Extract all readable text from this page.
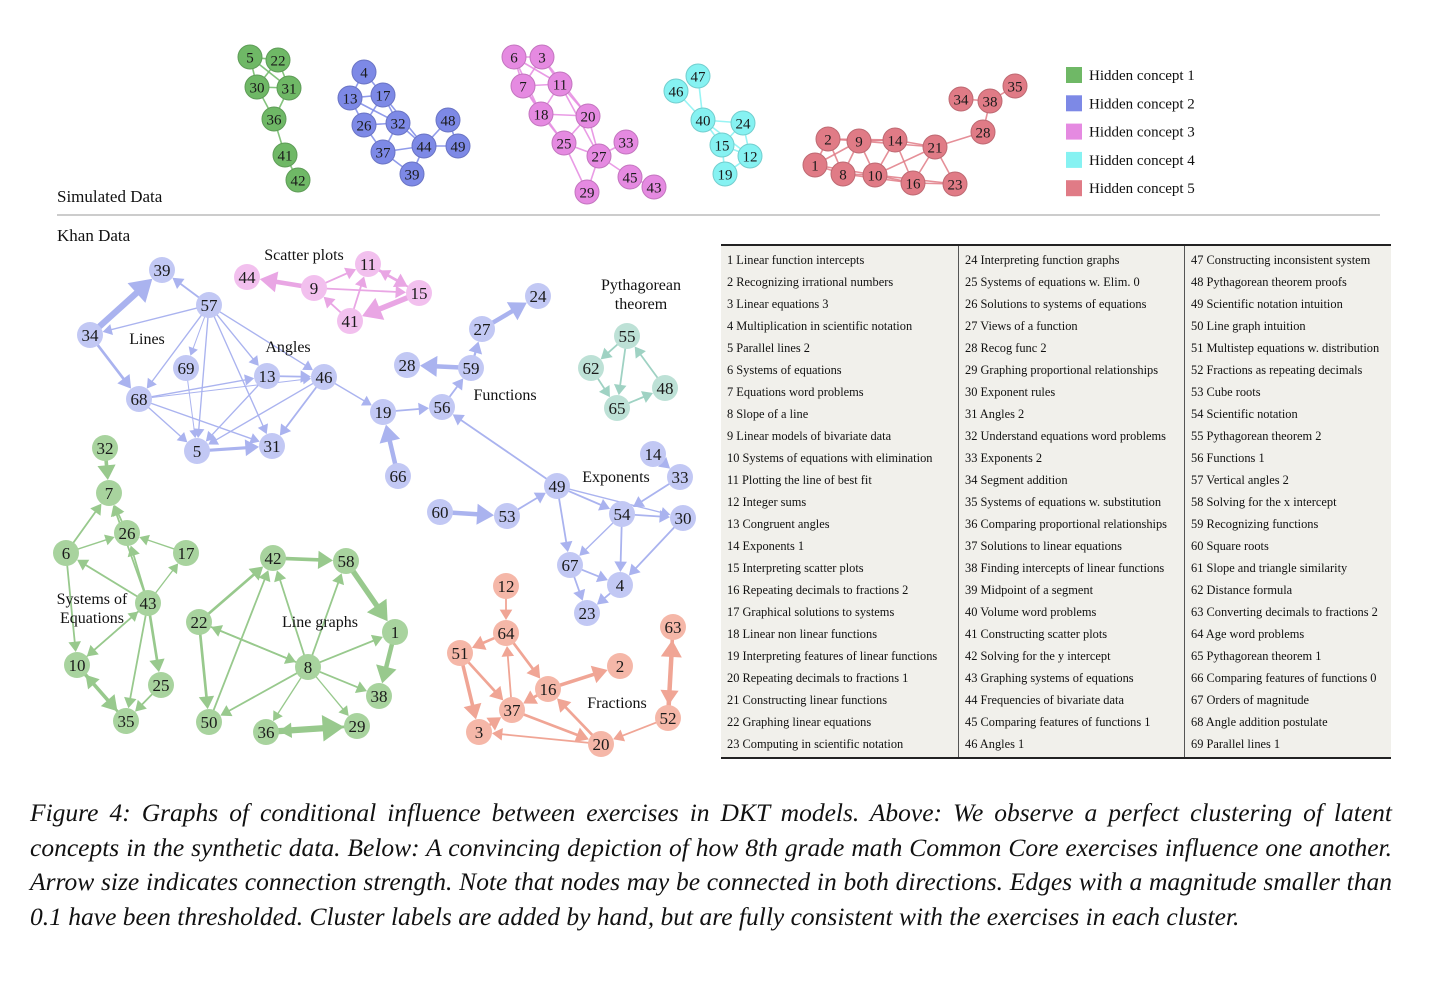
5 22
30 31
36
41
42
4
13 17
26 32
37 44
48
49
39
6 3
7 11
18 20
25
27
33
45
43
29
47
46
40 24
15
12
19
34 38
35
28
2 9 14 21
1
8 10 16 23
Simulated Data
Khan Data
Hidden concept 1
Hidden concept 2
Hidden concept 3
Hidden concept 4
Hidden concept 5
44
9
11
15
41
39
57
34
69	13 46
68
5	31
24
27
28	59
56
19
66
55
62
48
65
14
33
49
60	53	54	30
67
4
23
32
7
26
17
6
43
10
25
35
42	58
22
1
8
38
50
36	29
12
64
51
2
63
16
37	52
3
20
Scatter plots
Lines	Angles
Functions
Pythagorean theorem
Exponents
Systems of Equations	Line graphs
Fractions
1 Linear function intercepts
2 Recognizing irrational numbers
3 Linear equations 3
4 Multiplication in scientific notation
5 Parallel lines 2
6 Systems of equations
7 Equations word problems
8 Slope of a line
9 Linear models of bivariate data
10 Systems of equations with elimination
11 Plotting the line of best fit
12 Integer sums
13 Congruent angles
14 Exponents 1
15 Interpreting scatter plots
16 Repeating decimals to fractions 2
17 Graphical solutions to systems
18 Linear non linear functions
19 Interpreting features of linear functions
20 Repeating decimals to fractions 1
21 Constructing linear functions
22 Graphing linear equations
23 Computing in scientific notation
24 Interpreting function graphs
25 Systems of equations w. Elim. 0
26 Solutions to systems of equations
27 Views of a function
28 Recog func 2
29 Graphing proportional relationships
30 Exponent rules
31 Angles 2
32 Understand equations word problems
33 Exponents 2
34 Segment addition
35 Systems of equations w. substitution
36 Comparing proportional relationships
37 Solutions to linear equations
38 Finding intercepts of linear functions
39 Midpoint of a segment
40 Volume word problems
41 Constructing scatter plots
42 Solving for the y intercept
43 Graphing systems of equations
44 Frequencies of bivariate data
45 Comparing features of functions 1
46 Angles 1
47 Constructing inconsistent system
48 Pythagorean theorem proofs
49 Scientific notation intuition
50 Line graph intuition
51 Multistep equations w. distribution
52 Fractions as repeating decimals
53 Cube roots
54 Scientific notation
55 Pythagorean theorem 2
56 Functions 1
57 Vertical angles 2
58 Solving for the x intercept
59 Recognizing functions
60 Square roots
61 Slope and triangle similarity
62 Distance formula
63 Converting decimals to fractions 2
64 Age word problems
65 Pythagorean theorem 1
66 Comparing features of functions 0
67 Orders of magnitude
68 Angle addition postulate
69 Parallel lines 1

Figure 4: Graphs of conditional influence between exercises in DKT models. Above: We observe a perfect clustering of latent concepts in the synthetic data. Below: A convincing depiction of how 8th grade math Common Core exercises influence one another. Arrow size indicates connection strength. Note that nodes may be connected in both directions. Edges with a magnitude smaller than 0.1 have been thresholded. Cluster labels are added by hand, but are fully consistent with the exercises in each cluster.
